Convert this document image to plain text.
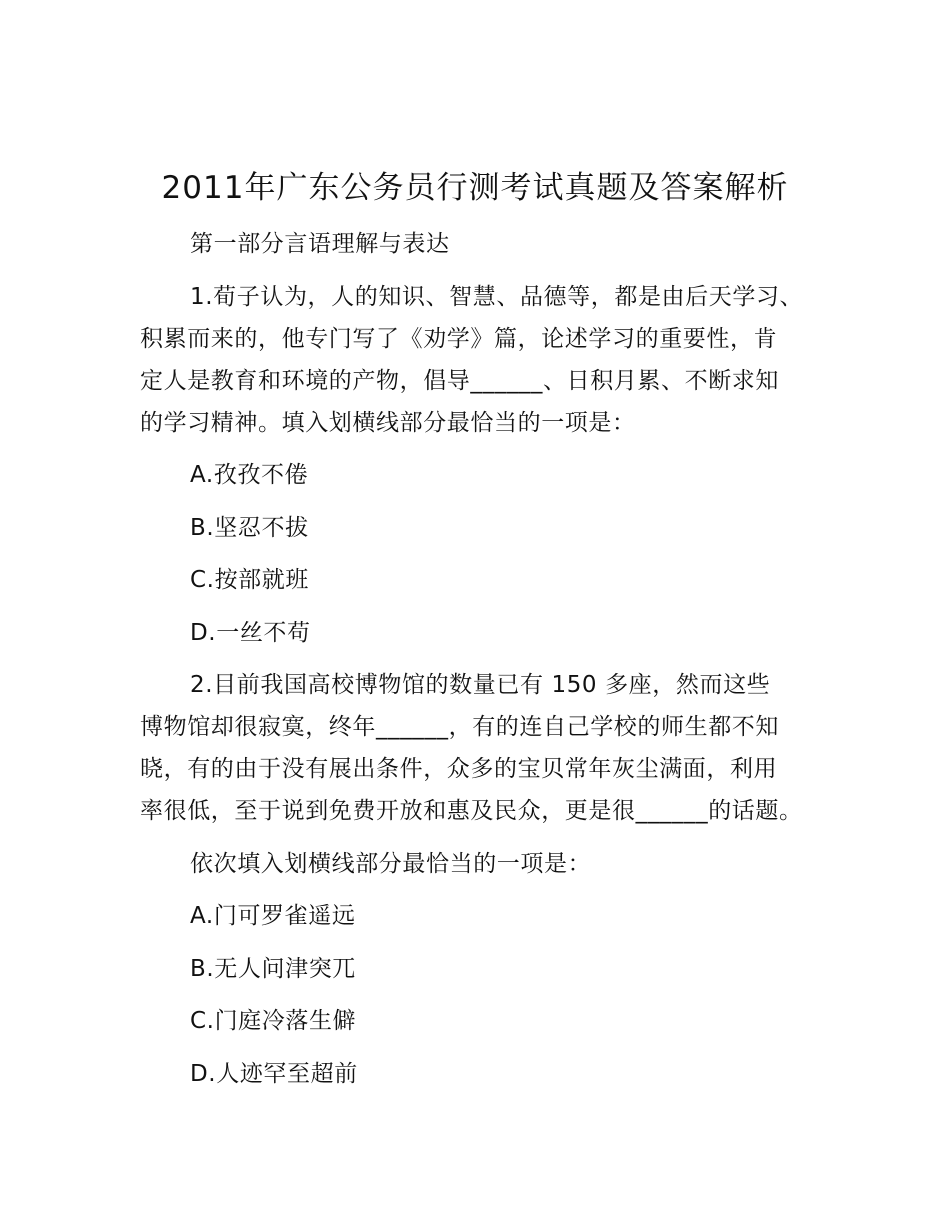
2011年广东公务员行测考试真题及答案解析

第一部分言语理解与表达

1.荀子认为，人的知识、智慧、品德等，都是由后天学习、
积累而来的，他专门写了《劝学》篇，论述学习的重要性，肯
定人是教育和环境的产物，倡导______、日积月累、不断求知
的学习精神。填入划横线部分最恰当的一项是：

A.孜孜不倦

B.坚忍不拔

C.按部就班

D.一丝不苟

2.目前我国高校博物馆的数量已有 150 多座，然而这些
博物馆却很寂寞，终年______，有的连自己学校的师生都不知
晓，有的由于没有展出条件，众多的宝贝常年灰尘满面，利用
率很低，至于说到免费开放和惠及民众，更是很______的话题。

依次填入划横线部分最恰当的一项是：

A.门可罗雀遥远

B.无人问津突兀

C.门庭冷落生僻

D.人迹罕至超前
